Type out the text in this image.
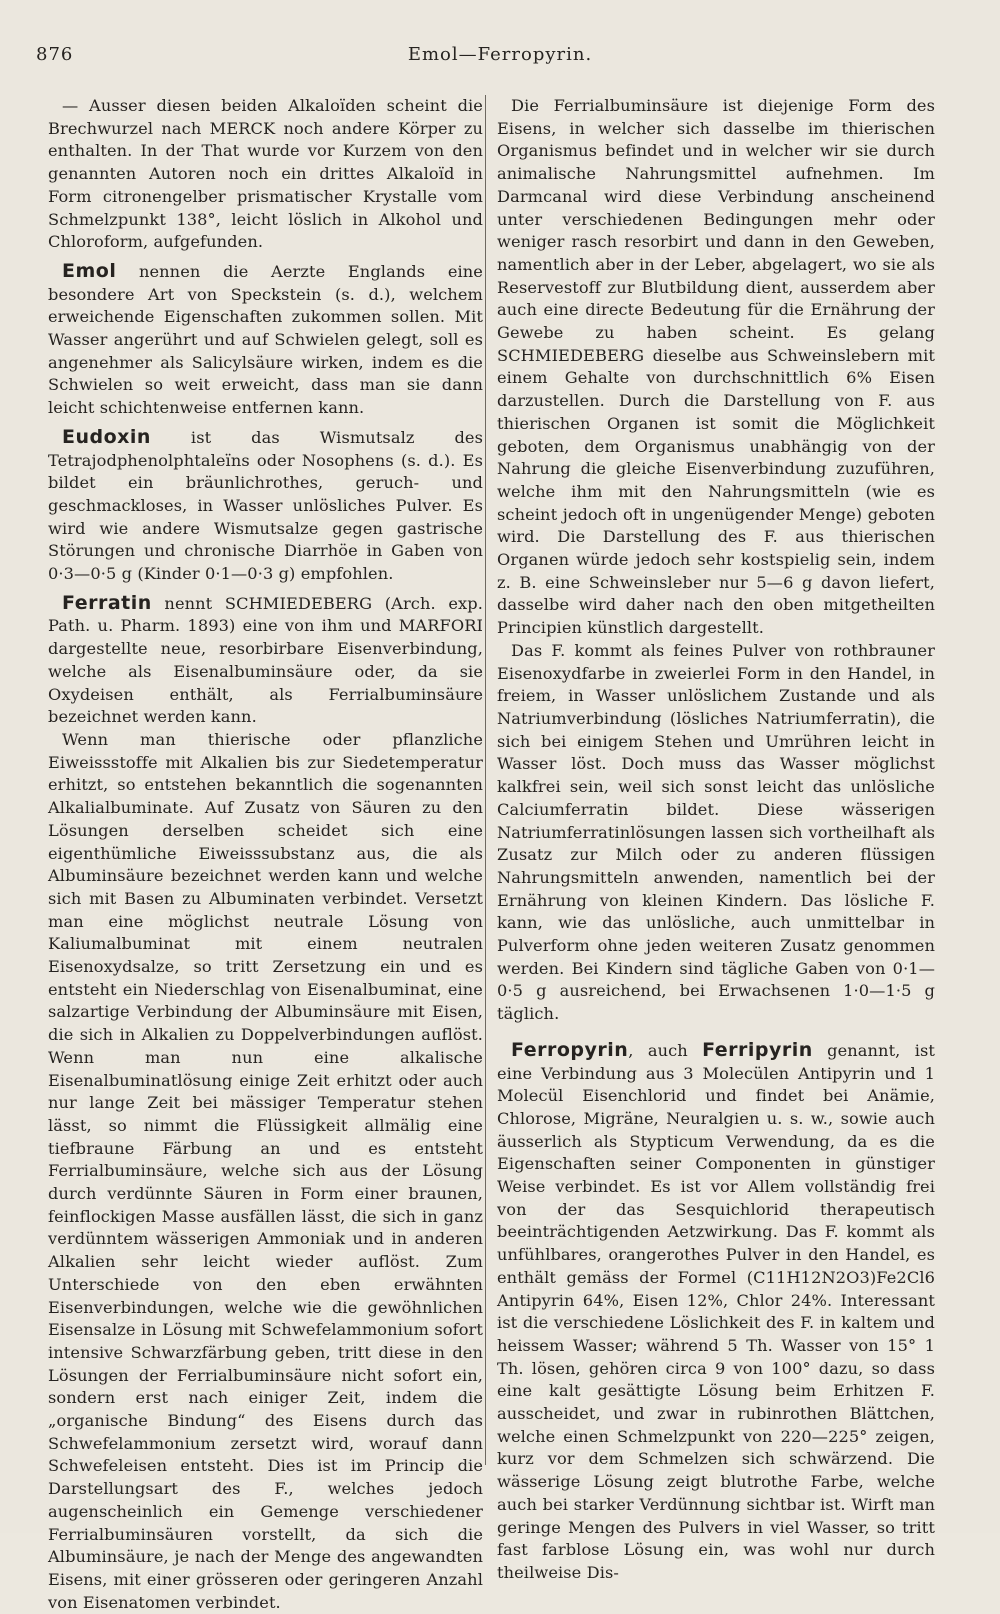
876	Emol—Ferropyrin.

— Ausser diesen beiden Alkaloïden scheint die Brechwurzel nach MERCK noch andere Körper zu enthalten. In der That wurde vor Kurzem von den genannten Autoren noch ein drittes Alkaloïd in Form citronengelber prismatischer Krystalle vom Schmelzpunkt 138°, leicht löslich in Alkohol und Chloroform, aufgefunden.

Emol nennen die Aerzte Englands eine besondere Art von Speckstein (s. d.), welchem erweichende Eigenschaften zukommen sollen. Mit Wasser angerührt und auf Schwielen gelegt, soll es angenehmer als Salicylsäure wirken, indem es die Schwielen so weit erweicht, dass man sie dann leicht schichtenweise entfernen kann.

Eudoxin ist das Wismutsalz des Tetrajodphenolphtaleïns oder Nosophens (s. d.). Es bildet ein bräunlichrothes, geruch- und geschmackloses, in Wasser unlösliches Pulver. Es wird wie andere Wismutsalze gegen gastrische Störungen und chronische Diarrhöe in Gaben von 0·3—0·5 g (Kinder 0·1—0·3 g) empfohlen.

Ferratin nennt SCHMIEDEBERG (Arch. exp. Path. u. Pharm. 1893) eine von ihm und MARFORI dargestellte neue, resorbirbare Eisenverbindung, welche als Eisenalbuminsäure oder, da sie Oxydeisen enthält, als Ferrialbuminsäure bezeichnet werden kann.

Wenn man thierische oder pflanzliche Eiweissstoffe mit Alkalien bis zur Siedetemperatur erhitzt, so entstehen bekanntlich die sogenannten Alkalialbuminate. Auf Zusatz von Säuren zu den Lösungen derselben scheidet sich eine eigenthümliche Eiweisssubstanz aus, die als Albuminsäure bezeichnet werden kann und welche sich mit Basen zu Albuminaten verbindet. Versetzt man eine möglichst neutrale Lösung von Kaliumalbuminat mit einem neutralen Eisenoxydsalze, so tritt Zersetzung ein und es entsteht ein Niederschlag von Eisenalbuminat, eine salzartige Verbindung der Albuminsäure mit Eisen, die sich in Alkalien zu Doppelverbindungen auflöst. Wenn man nun eine alkalische Eisenalbuminatlösung einige Zeit erhitzt oder auch nur lange Zeit bei mässiger Temperatur stehen lässt, so nimmt die Flüssigkeit allmälig eine tiefbraune Färbung an und es entsteht Ferrialbuminsäure, welche sich aus der Lösung durch verdünnte Säuren in Form einer braunen, feinflockigen Masse ausfällen lässt, die sich in ganz verdünntem wässerigen Ammoniak und in anderen Alkalien sehr leicht wieder auflöst. Zum Unterschiede von den eben erwähnten Eisenverbindungen, welche wie die gewöhnlichen Eisensalze in Lösung mit Schwefelammonium sofort intensive Schwarzfärbung geben, tritt diese in den Lösungen der Ferrialbuminsäure nicht sofort ein, sondern erst nach einiger Zeit, indem die „organische Bindung“ des Eisens durch das Schwefelammonium zersetzt wird, worauf dann Schwefeleisen entsteht. Dies ist im Princip die Darstellungsart des F., welches jedoch augenscheinlich ein Gemenge verschiedener Ferrialbuminsäuren vorstellt, da sich die Albuminsäure, je nach der Menge des angewandten Eisens, mit einer grösseren oder geringeren Anzahl von Eisenatomen verbindet.

Die Ferrialbuminsäure ist diejenige Form des Eisens, in welcher sich dasselbe im thierischen Organismus befindet und in welcher wir sie durch animalische Nahrungsmittel aufnehmen. Im Darmcanal wird diese Verbindung anscheinend unter verschiedenen Bedingungen mehr oder weniger rasch resorbirt und dann in den Geweben, namentlich aber in der Leber, abgelagert, wo sie als Reservestoff zur Blutbildung dient, ausserdem aber auch eine directe Bedeutung für die Ernährung der Gewebe zu haben scheint. Es gelang SCHMIEDEBERG dieselbe aus Schweinslebern mit einem Gehalte von durchschnittlich 6% Eisen darzustellen. Durch die Darstellung von F. aus thierischen Organen ist somit die Möglichkeit geboten, dem Organismus unabhängig von der Nahrung die gleiche Eisenverbindung zuzuführen, welche ihm mit den Nahrungsmitteln (wie es scheint jedoch oft in ungenügender Menge) geboten wird. Die Darstellung des F. aus thierischen Organen würde jedoch sehr kostspielig sein, indem z. B. eine Schweinsleber nur 5—6 g davon liefert, dasselbe wird daher nach den oben mitgetheilten Principien künstlich dargestellt.

Das F. kommt als feines Pulver von rothbrauner Eisenoxydfarbe in zweierlei Form in den Handel, in freiem, in Wasser unlöslichem Zustande und als Natriumverbindung (lösliches Natriumferratin), die sich bei einigem Stehen und Umrühren leicht in Wasser löst. Doch muss das Wasser möglichst kalkfrei sein, weil sich sonst leicht das unlösliche Calciumferratin bildet. Diese wässerigen Natriumferratinlösungen lassen sich vortheilhaft als Zusatz zur Milch oder zu anderen flüssigen Nahrungsmitteln anwenden, namentlich bei der Ernährung von kleinen Kindern. Das lösliche F. kann, wie das unlösliche, auch unmittelbar in Pulverform ohne jeden weiteren Zusatz genommen werden. Bei Kindern sind tägliche Gaben von 0·1—0·5 g ausreichend, bei Erwachsenen 1·0—1·5 g täglich.

Ferropyrin, auch Ferripyrin genannt, ist eine Verbindung aus 3 Molecülen Antipyrin und 1 Molecül Eisenchlorid und findet bei Anämie, Chlorose, Migräne, Neuralgien u. s. w., sowie auch äusserlich als Stypticum Verwendung, da es die Eigenschaften seiner Componenten in günstiger Weise verbindet. Es ist vor Allem vollständig frei von der das Sesquichlorid therapeutisch beeinträchtigenden Aetzwirkung. Das F. kommt als unfühlbares, orangerothes Pulver in den Handel, es enthält gemäss der Formel (C11H12N2O3)Fe2Cl6 Antipyrin 64%, Eisen 12%, Chlor 24%. Interessant ist die verschiedene Löslichkeit des F. in kaltem und heissem Wasser; während 5 Th. Wasser von 15° 1 Th. lösen, gehören circa 9 von 100° dazu, so dass eine kalt gesättigte Lösung beim Erhitzen F. ausscheidet, und zwar in rubinrothen Blättchen, welche einen Schmelzpunkt von 220—225° zeigen, kurz vor dem Schmelzen sich schwärzend. Die wässerige Lösung zeigt blutrothe Farbe, welche auch bei starker Verdünnung sichtbar ist. Wirft man geringe Mengen des Pulvers in viel Wasser, so tritt fast farblose Lösung ein, was wohl nur durch theilweise Dis-
